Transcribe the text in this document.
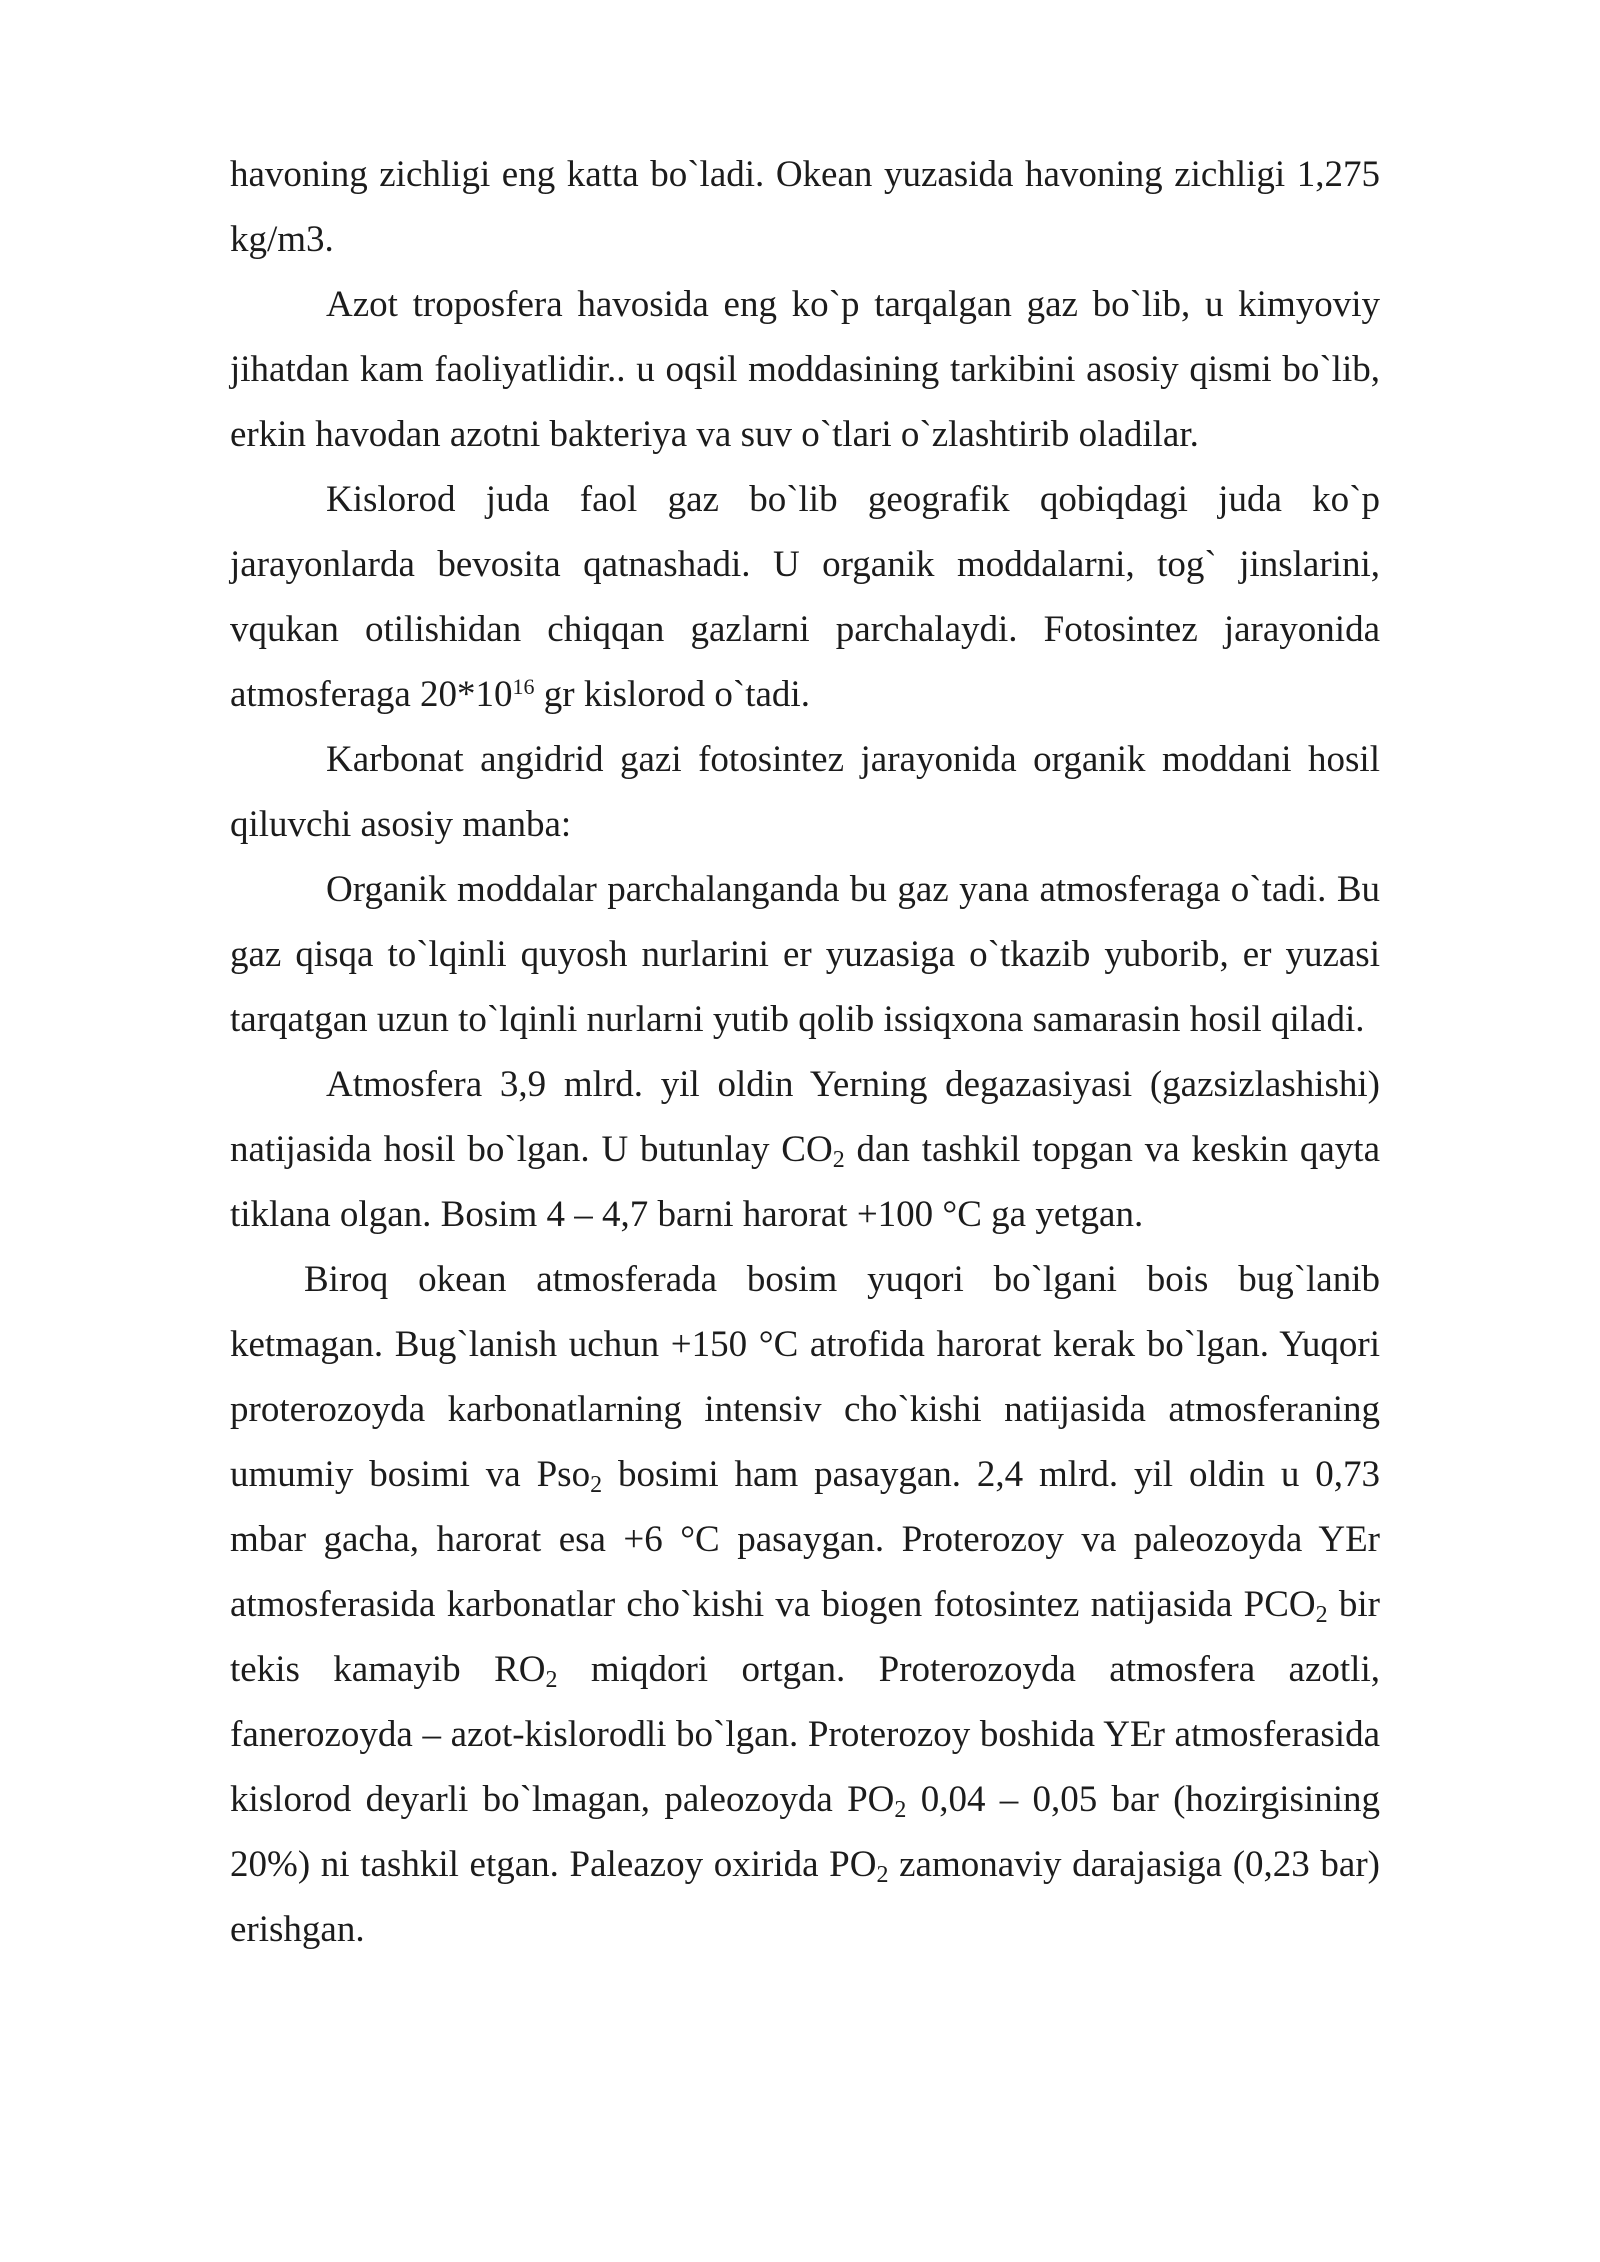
havoning zichligi eng katta bo`ladi. Okean yuzasida havoning zichligi 1,275 kg/m3.

Azot troposfera havosida eng ko`p tarqalgan gaz bo`lib, u kimyoviy jihatdan kam faoliyatlidir.. u oqsil moddasining tarkibini asosiy qismi bo`lib, erkin havodan azotni bakteriya va suv o`tlari o`zlashtirib oladilar.

Kislorod juda faol gaz bo`lib geografik qobiqdagi juda ko`p jarayonlarda bevosita qatnashadi. U organik moddalarni, tog` jinslarini, vqukan otilishidan chiqqan gazlarni parchalaydi. Fotosintez jarayonida atmosferaga $20*10^{16}$ gr kislorod o`tadi.

Karbonat angidrid gazi fotosintez jarayonida organik moddani hosil qiluvchi asosiy manba:

Organik moddalar parchalanganda bu gaz yana atmosferaga o`tadi. Bu gaz qisqa to`lqinli quyosh nurlarini er yuzasiga o`tkazib yuborib, er yuzasi tarqatgan uzun to`lqinli nurlarni yutib qolib issiqxona samarasin hosil qiladi.

Atmosfera 3,9 mlrd. yil oldin Yerning degazasiyasi (gazsizlashishi) natijasida hosil bo`lgan. U butunlay $CO_2$ dan tashkil topgan va keskin qayta tiklana olgan. Bosim 4 – 4,7 barni harorat +100 °C ga yetgan.

Biroq okean atmosferada bosim yuqori bo`lgani bois bug`lanib ketmagan. Bug`lanish uchun +150 °C atrofida harorat kerak bo`lgan. Yuqori proterozoyda karbonatlarning intensiv cho`kishi natijasida atmosferaning umumiy bosimi va Pso$_2$ bosimi ham pasaygan. 2,4 mlrd. yil oldin u 0,73 mbar gacha, harorat esa +6 °C pasaygan. Proterozoy va paleozoyda YEr atmosferasida karbonatlar cho`kishi va biogen fotosintez natijasida $PCO_2$ bir tekis kamayib $RO_2$ miqdori ortgan. Proterozoyda atmosfera azotli, fanerozoyda – azot-kislorodli bo`lgan. Proterozoy boshida YEr atmosferasida kislorod deyarli bo`lmagan, paleozoyda $PO_2$ 0,04 – 0,05 bar (hozirgisining 20%) ni tashkil etgan. Paleazoy oxirida $PO_2$ zamonaviy darajasiga (0,23 bar) erishgan.
